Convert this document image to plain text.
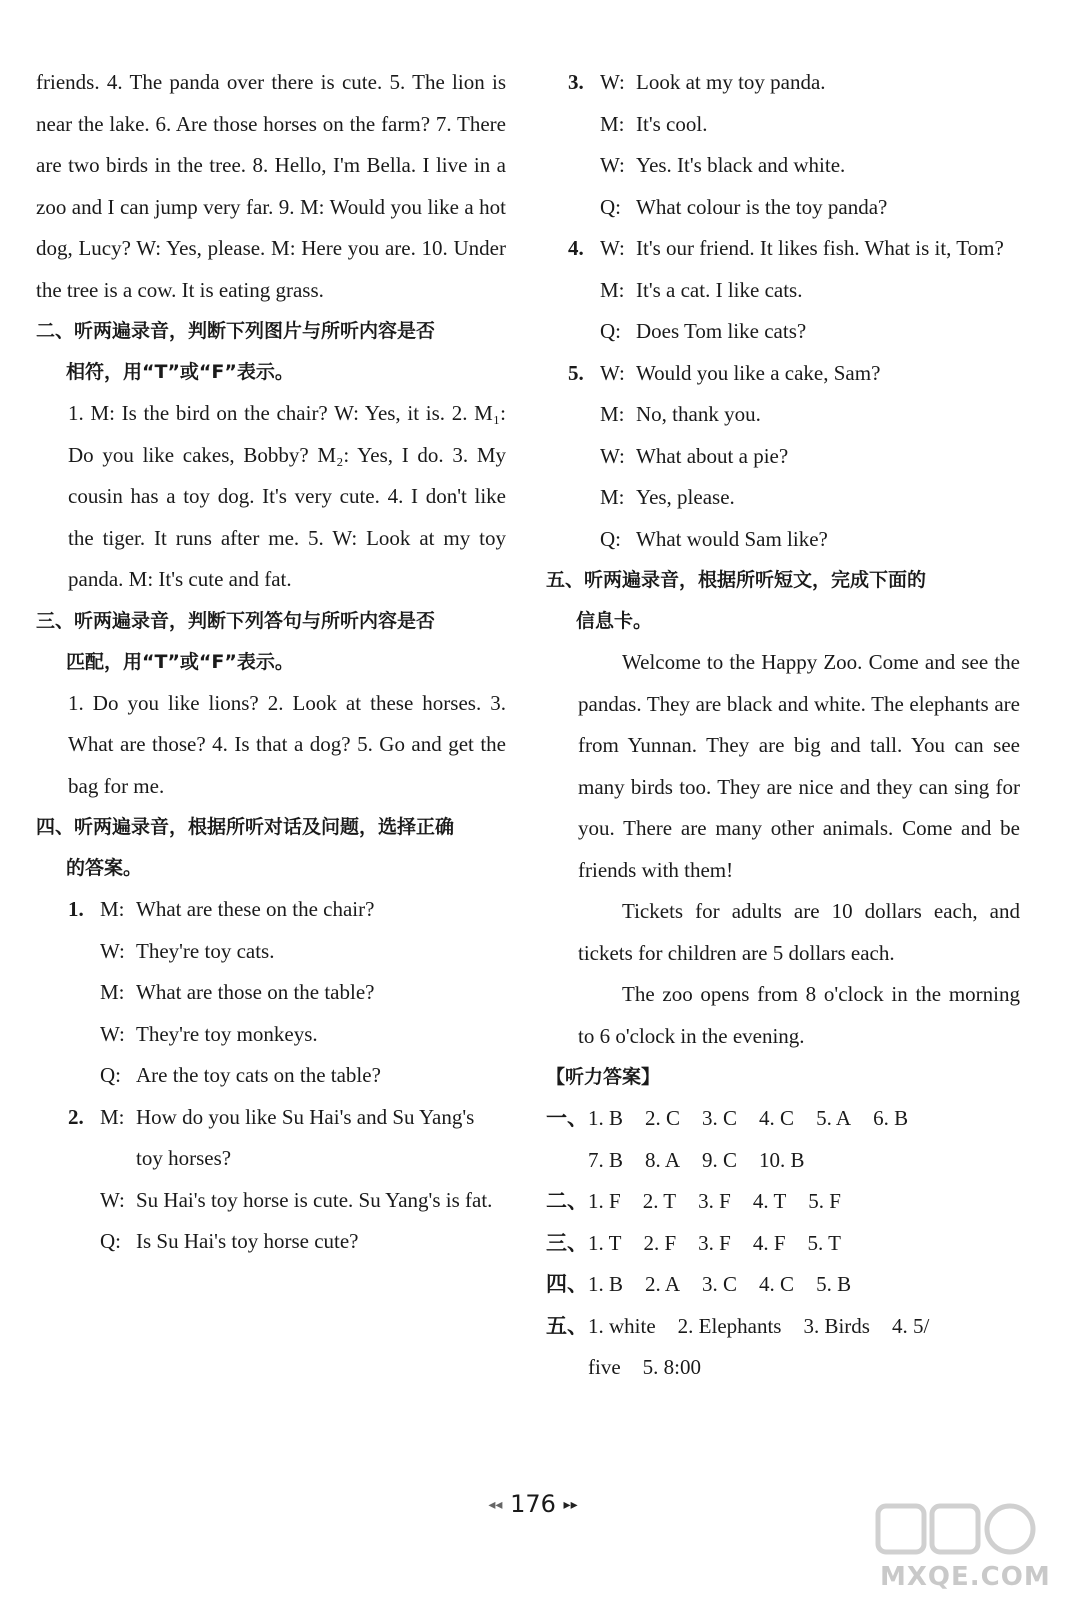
friends. 4. The panda over there is cute. 5. The lion is near the lake. 6. Are those horses on the farm? 7. There are two birds in the tree. 8. Hello, I'm Bella. I live in a zoo and I can jump very far. 9. M: Would you like a hot dog, Lucy? W: Yes, please. M: Here you are. 10. Under the tree is a cow. It is eating grass.

二、听两遍录音，判断下列图片与所听内容是否
相符，用“T”或“F”表示。

1. M: Is the bird on the chair? W: Yes, it is. 2. M₁: Do you like cakes, Bobby? M₂: Yes, I do. 3. My cousin has a toy dog. It's very cute. 4. I don't like the tiger. It runs after me. 5. W: Look at my toy panda. M: It's cute and fat.

三、听两遍录音，判断下列答句与所听内容是否
匹配，用“T”或“F”表示。

1. Do you like lions? 2. Look at these horses. 3. What are those? 4. Is that a dog? 5. Go and get the bag for me.

四、听两遍录音，根据所听对话及问题，选择正确
的答案。

1. M: What are these on the chair?
W: They're toy cats.
M: What are those on the table?
W: They're toy monkeys.
Q: Are the toy cats on the table?
2. M: How do you like Su Hai's and Su Yang's toy horses?
W: Su Hai's toy horse is cute. Su Yang's is fat.
Q: Is Su Hai's toy horse cute?
3. W: Look at my toy panda.
M: It's cool.
W: Yes. It's black and white.
Q: What colour is the toy panda?
4. W: It's our friend. It likes fish. What is it, Tom?
M: It's a cat. I like cats.
Q: Does Tom like cats?
5. W: Would you like a cake, Sam?
M: No, thank you.
W: What about a pie?
M: Yes, please.
Q: What would Sam like?

五、听两遍录音，根据所听短文，完成下面的
信息卡。

Welcome to the Happy Zoo. Come and see the pandas. They are black and white. The elephants are from Yunnan. They are big and tall. You can see many birds too. They are nice and they can sing for you. There are many other animals. Come and be friends with them!

Tickets for adults are 10 dollars each, and tickets for children are 5 dollars each.

The zoo opens from 8 o'clock in the morning to 6 o'clock in the evening.

【听力答案】
一、 1. B 2. C 3. C 4. C 5. A 6. B
7. B 8. A 9. C 10. B
二、 1. F 2. T 3. F 4. T 5. F
三、 1. T 2. F 3. F 4. F 5. T
四、 1. B 2. A 3. C 4. C 5. B
五、 1. white 2. Elephants 3. Birds 4. 5/
five 5. 8:00
◂◂ 176 ▸▸
MXQE.COM
